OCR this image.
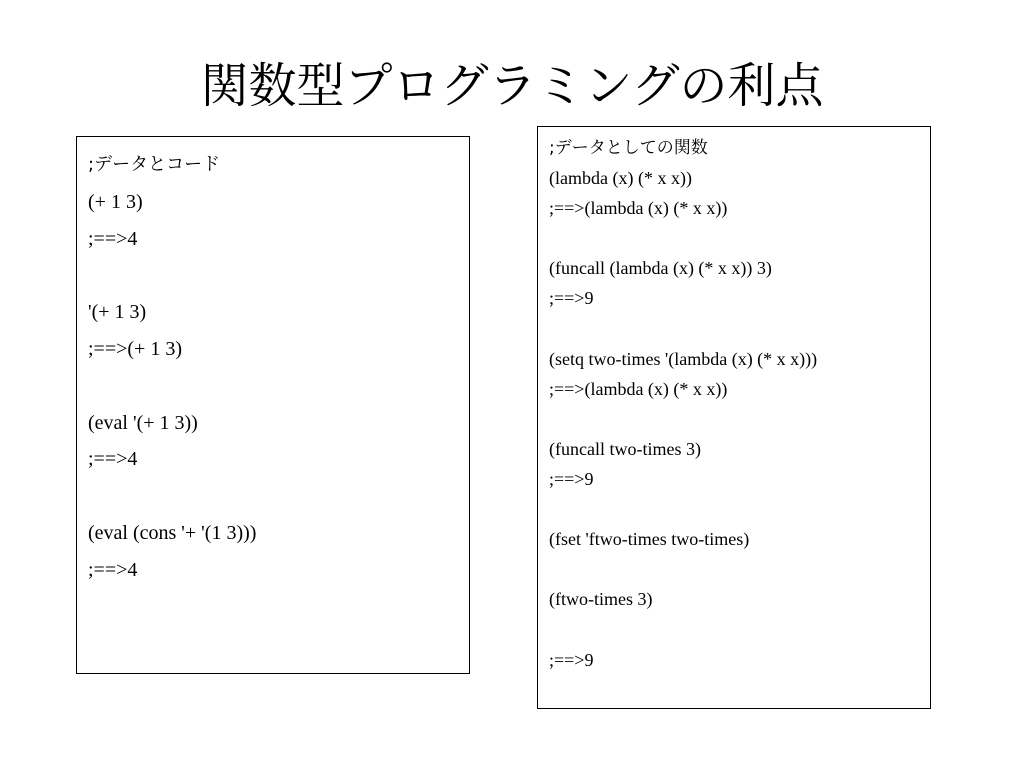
関数型プログラミングの利点
;データとコード
(+ 1 3)
;==>4
'(+ 1 3)
;==>(+ 1 3)
(eval '(+ 1 3))
;==>4
(eval (cons '+ '(1 3)))
;==>4
;データとしての関数
(lambda (x) (* x x))
;==>(lambda (x) (* x x))
(funcall (lambda (x) (* x x)) 3)
;==>9
(setq two-times '(lambda (x) (* x x)))
;==>(lambda (x) (* x x))
(funcall two-times 3)
;==>9
(fset 'ftwo-times two-times)
(ftwo-times 3)
;==>9
